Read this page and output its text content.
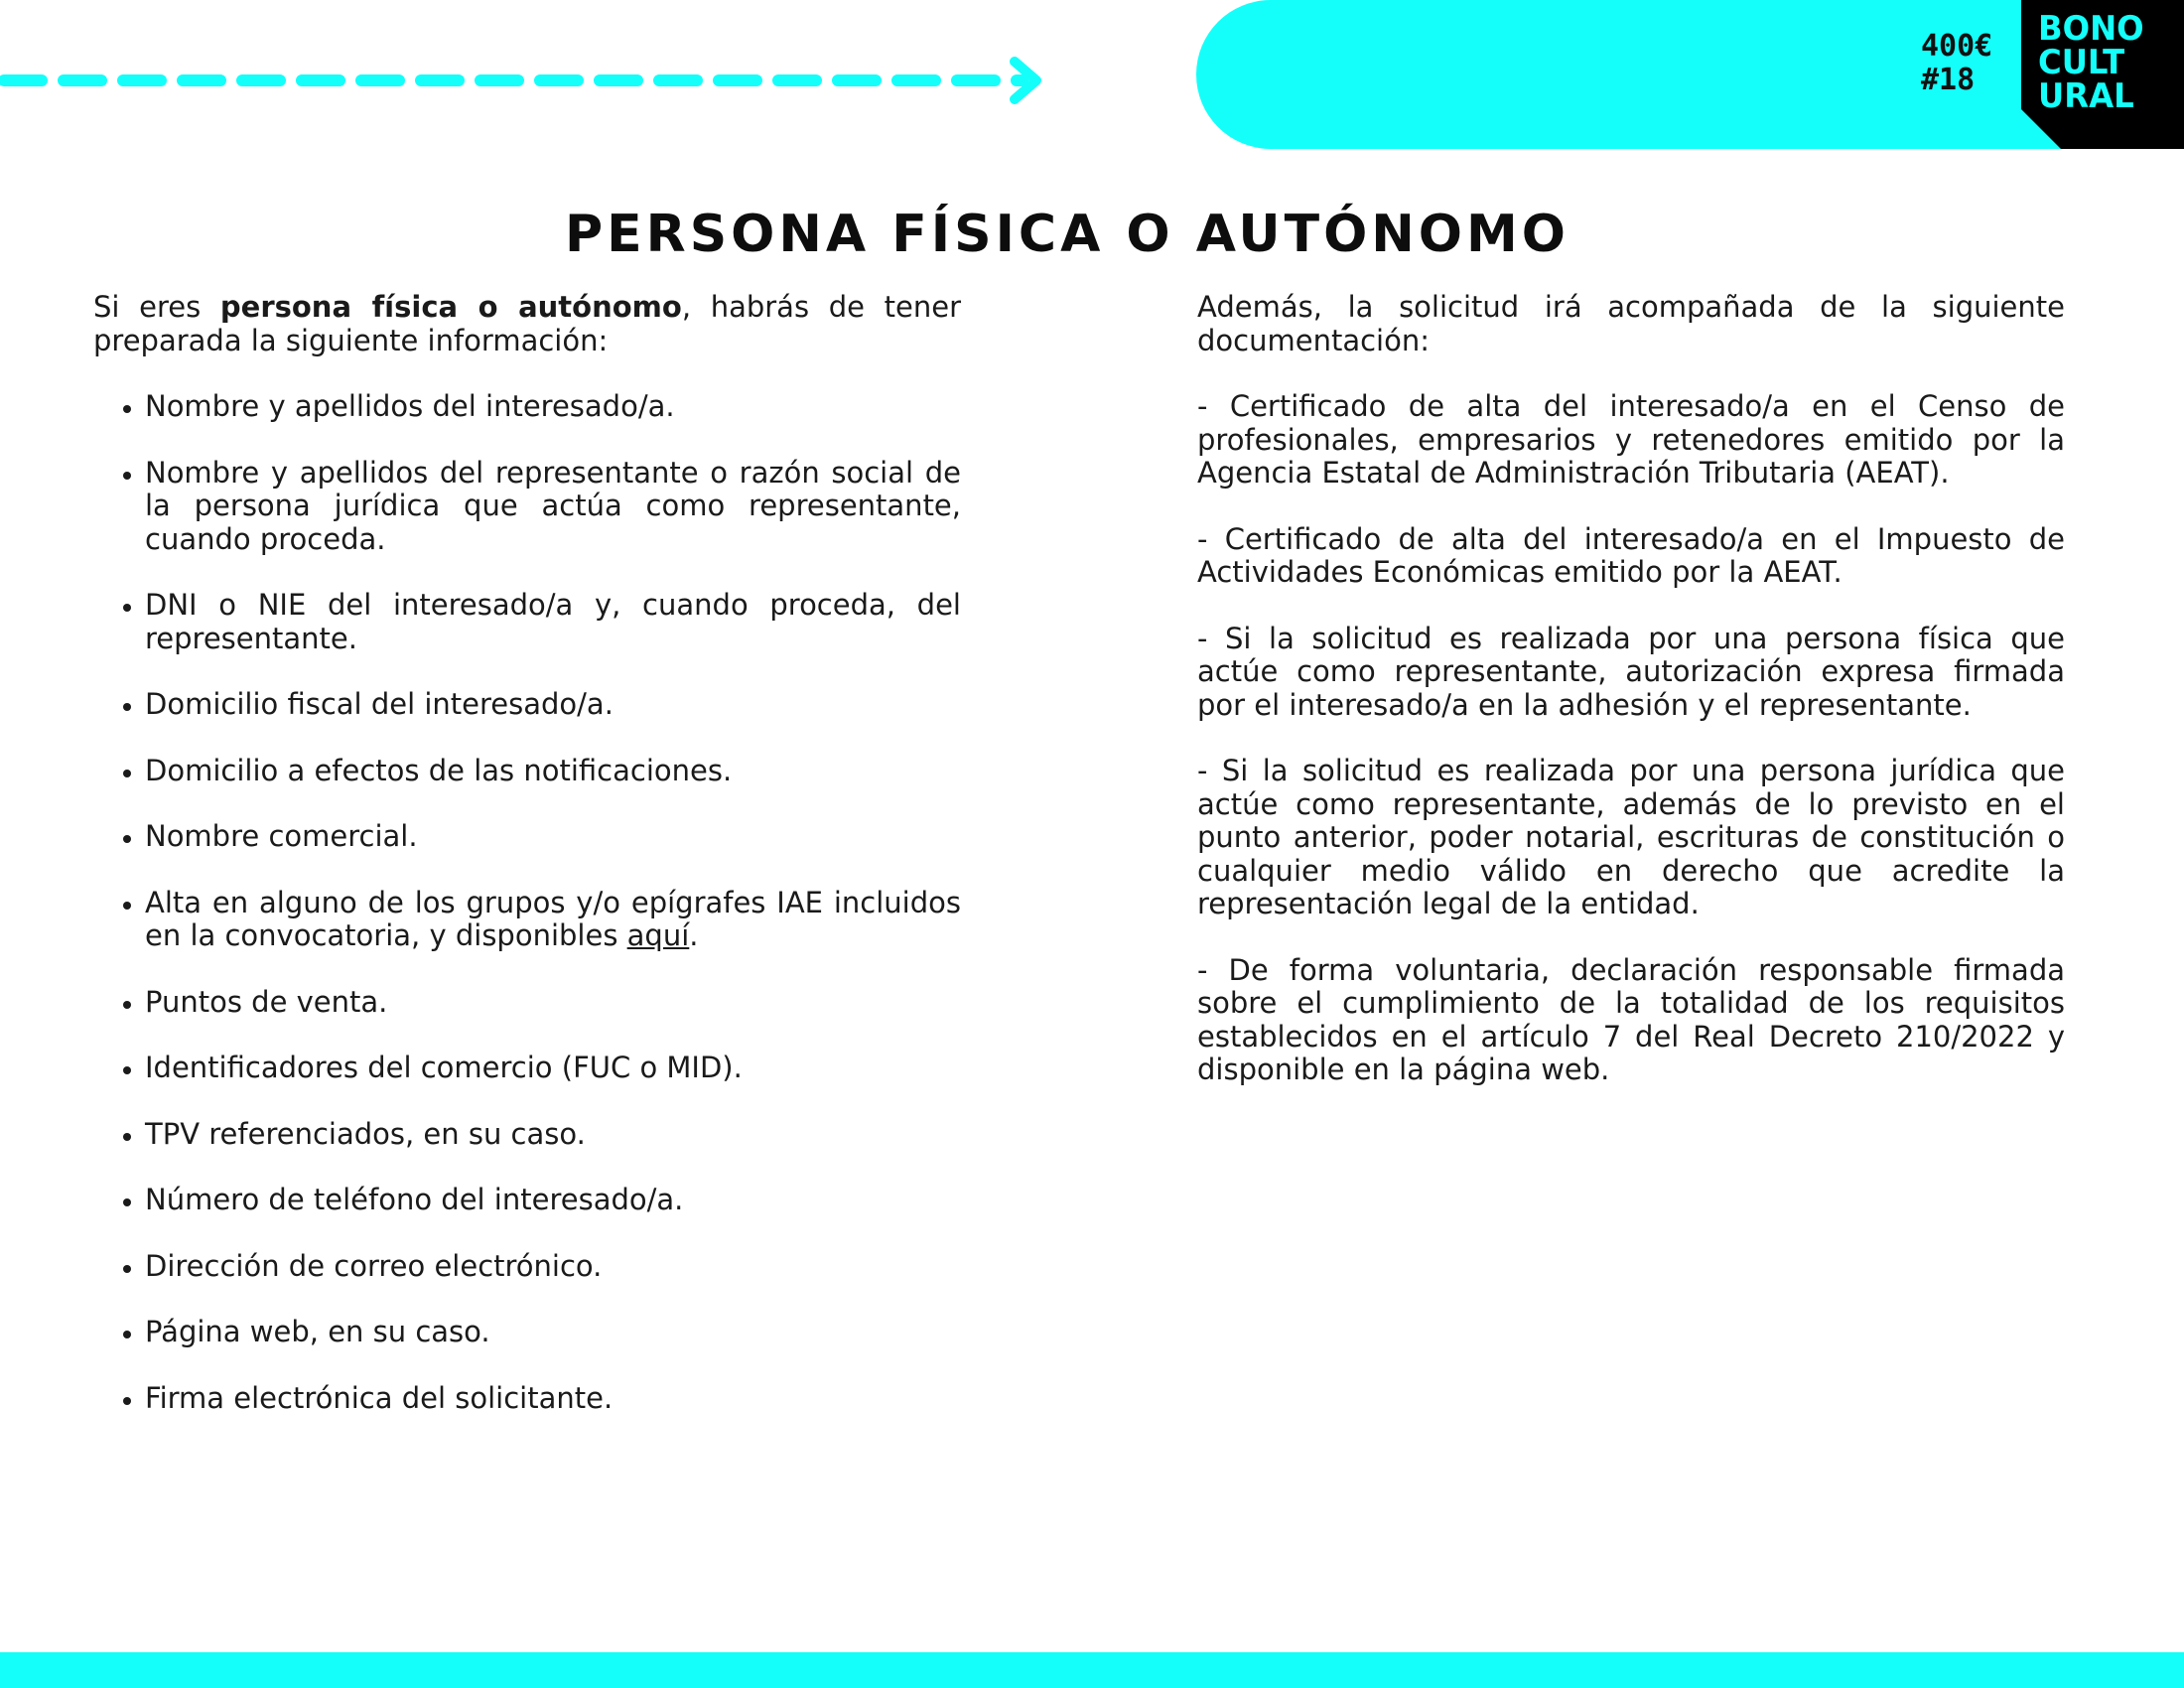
400€
#18
BONO
CULT
URAL
PERSONA FÍSICA O AUTÓNOMO

Si eres persona física o autónomo, habrás de tener preparada la siguiente información:

• Nombre y apellidos del interesado/a.
• Nombre y apellidos del representante o razón social de la persona jurídica que actúa como representante, cuando proceda.
• DNI o NIE del interesado/a y, cuando proceda, del representante.
• Domicilio fiscal del interesado/a.
• Domicilio a efectos de las notificaciones.
• Nombre comercial.
• Alta en alguno de los grupos y/o epígrafes IAE incluidos en la convocatoria, y disponibles aquí.
• Puntos de venta.
• Identificadores del comercio (FUC o MID).
• TPV referenciados, en su caso.
• Número de teléfono del interesado/a.
• Dirección de correo electrónico.
• Página web, en su caso.
• Firma electrónica del solicitante.

Además, la solicitud irá acompañada de la siguiente documentación:

- Certificado de alta del interesado/a en el Censo de profesionales, empresarios y retenedores emitido por la Agencia Estatal de Administración Tributaria (AEAT).

- Certificado de alta del interesado/a en el Impuesto de Actividades Económicas emitido por la AEAT.

- Si la solicitud es realizada por una persona física que actúe como representante, autorización expresa firmada por el interesado/a en la adhesión y el representante.

- Si la solicitud es realizada por una persona jurídica que actúe como representante, además de lo previsto en el punto anterior, poder notarial, escrituras de constitución o cualquier medio válido en derecho que acredite la representación legal de la entidad.

- De forma voluntaria, declaración responsable firmada sobre el cumplimiento de la totalidad de los requisitos establecidos en el artículo 7 del Real Decreto 210/2022 y disponible en la página web.
